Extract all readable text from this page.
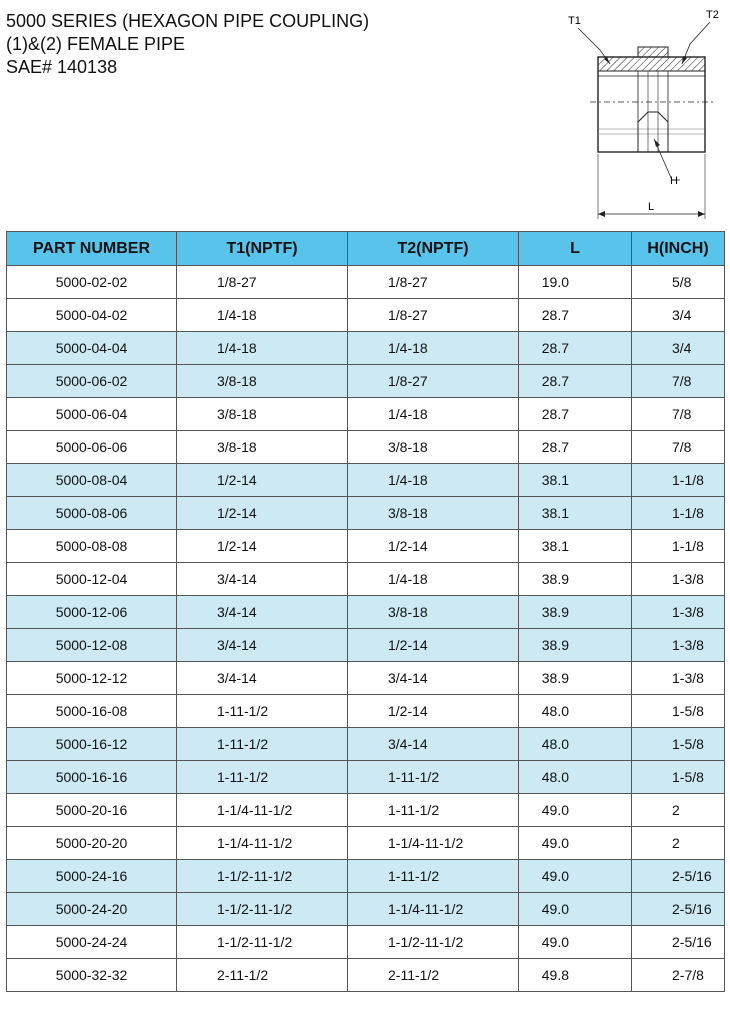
5000 SERIES (HEXAGON PIPE COUPLING)
(1)&(2) FEMALE PIPE
SAE# 140138
T1	T2
H
L
PART NUMBER	T1(NPTF)	T2(NPTF)	L	H(INCH)
5000-02-02	1/8-27	1/8-27	19.0	5/8
5000-04-02	1/4-18	1/8-27	28.7	3/4
5000-04-04	1/4-18	1/4-18	28.7	3/4
5000-06-02	3/8-18	1/8-27	28.7	7/8
5000-06-04	3/8-18	1/4-18	28.7	7/8
5000-06-06	3/8-18	3/8-18	28.7	7/8
5000-08-04	1/2-14	1/4-18	38.1	1-1/8
5000-08-06	1/2-14	3/8-18	38.1	1-1/8
5000-08-08	1/2-14	1/2-14	38.1	1-1/8
5000-12-04	3/4-14	1/4-18	38.9	1-3/8
5000-12-06	3/4-14	3/8-18	38.9	1-3/8
5000-12-08	3/4-14	1/2-14	38.9	1-3/8
5000-12-12	3/4-14	3/4-14	38.9	1-3/8
5000-16-08	1-11-1/2	1/2-14	48.0	1-5/8
5000-16-12	1-11-1/2	3/4-14	48.0	1-5/8
5000-16-16	1-11-1/2	1-11-1/2	48.0	1-5/8
5000-20-16	1-1/4-11-1/2	1-11-1/2	49.0	2
5000-20-20	1-1/4-11-1/2	1-1/4-11-1/2	49.0	2
5000-24-16	1-1/2-11-1/2	1-11-1/2	49.0	2-5/16
5000-24-20	1-1/2-11-1/2	1-1/4-11-1/2	49.0	2-5/16
5000-24-24	1-1/2-11-1/2	1-1/2-11-1/2	49.0	2-5/16
5000-32-32	2-11-1/2	2-11-1/2	49.8	2-7/8
